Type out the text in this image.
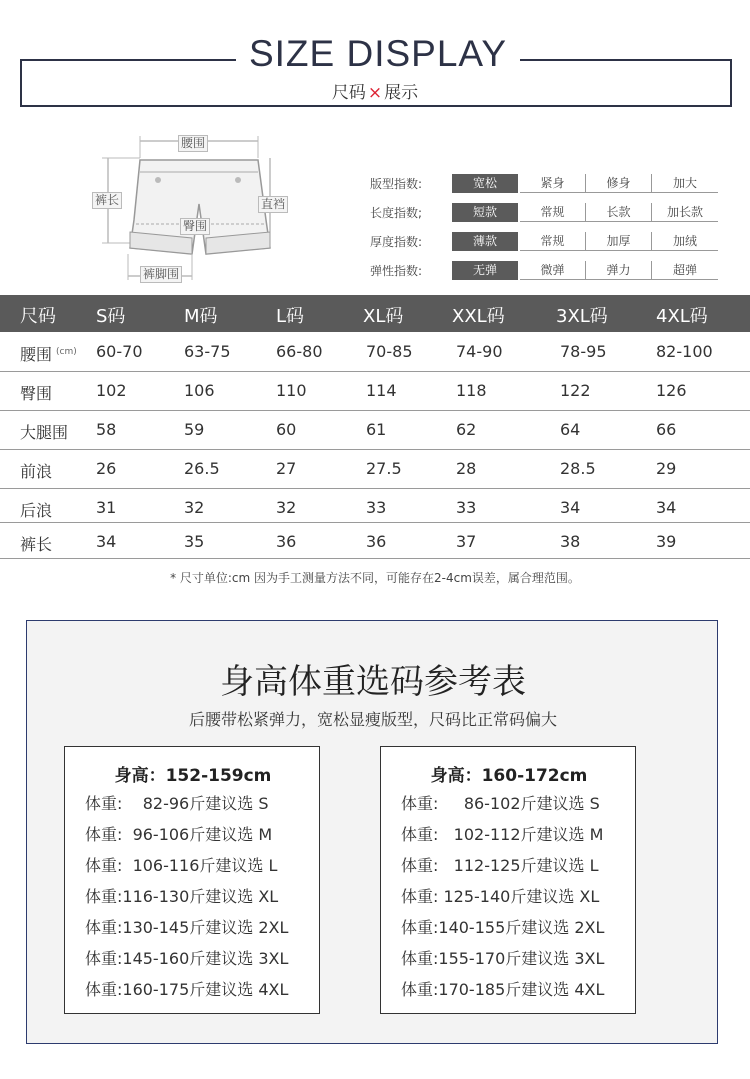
SIZE DISPLAY
尺码 × 展示
腰围
裤长	直裆
臀围
裤脚围
版型指数:	宽松	紧身	修身	加大
长度指数;	短款	常规	长款	加长款
厚度指数:	薄款	常规	加厚	加绒
弹性指数:	无弹	微弹	弹力	超弹
尺码 S码	M码	L码	XL码	XXL码	3XL码	4XL码
腰围 (cm) 60-70	63-75	66-80	70-85	74-90	78-95	82-100
臀围	102	106	110	114	118	122	126
大腿围 58	59	60	61	62	64	66
前浪	26	26.5	27	27.5	28	28.5	29
后浪	31	32	32	33	33	34	34
裤长	34	35	36	36	37	38	39
* 尺寸单位:cm 因为手工测量方法不同，可能存在2-4cm误差，属合理范围。
身高体重选码参考表
后腰带松紧弹力，宽松显瘦版型，尺码比正常码偏大
身高：152-159cm
体重:    82-96斤建议选 S
体重:  96-106斤建议选 M
体重:  106-116斤建议选 L
体重:116-130斤建议选 XL
体重:130-145斤建议选 2XL
体重:145-160斤建议选 3XL
体重:160-175斤建议选 4XL
身高：160-172cm
体重:     86-102斤建议选 S
体重:   102-112斤建议选 M
体重:   112-125斤建议选 L
体重: 125-140斤建议选 XL
体重:140-155斤建议选 2XL
体重:155-170斤建议选 3XL
体重:170-185斤建议选 4XL
